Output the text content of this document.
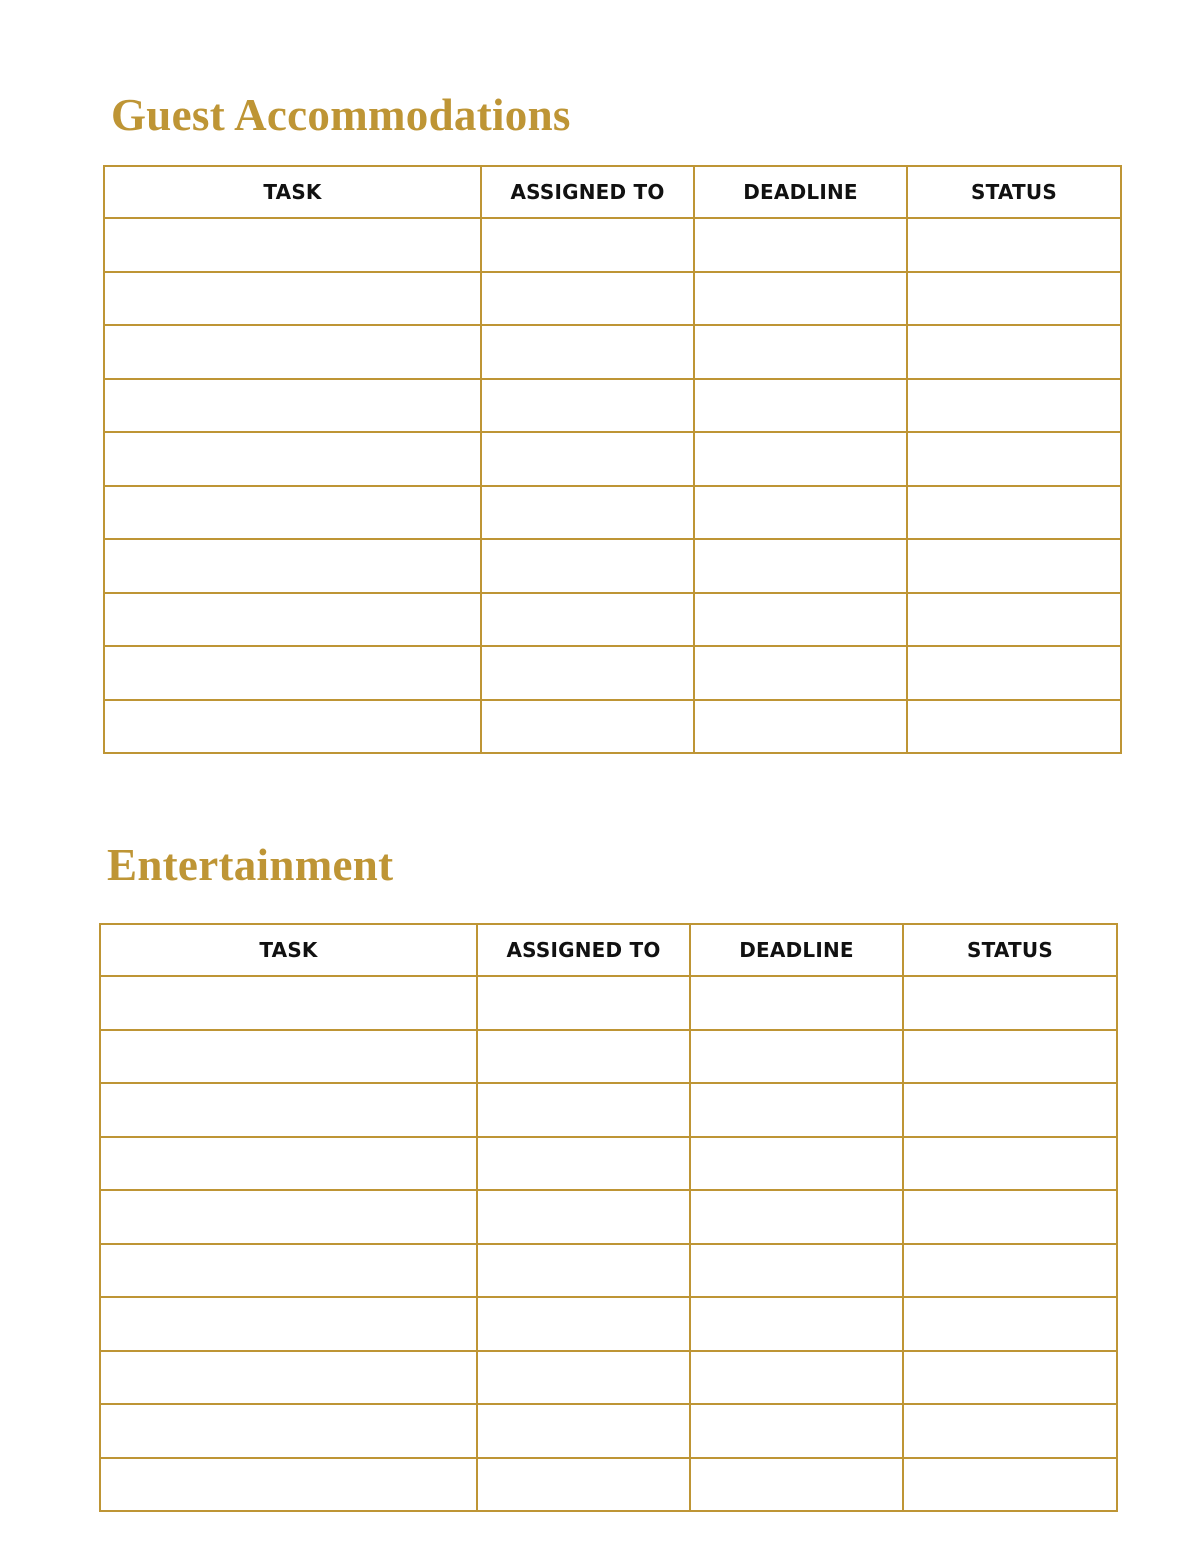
Guest Accommodations
TASK	ASSIGNED TO	DEADLINE	STATUS

Entertainment
TASK	ASSIGNED TO	DEADLINE	STATUS
